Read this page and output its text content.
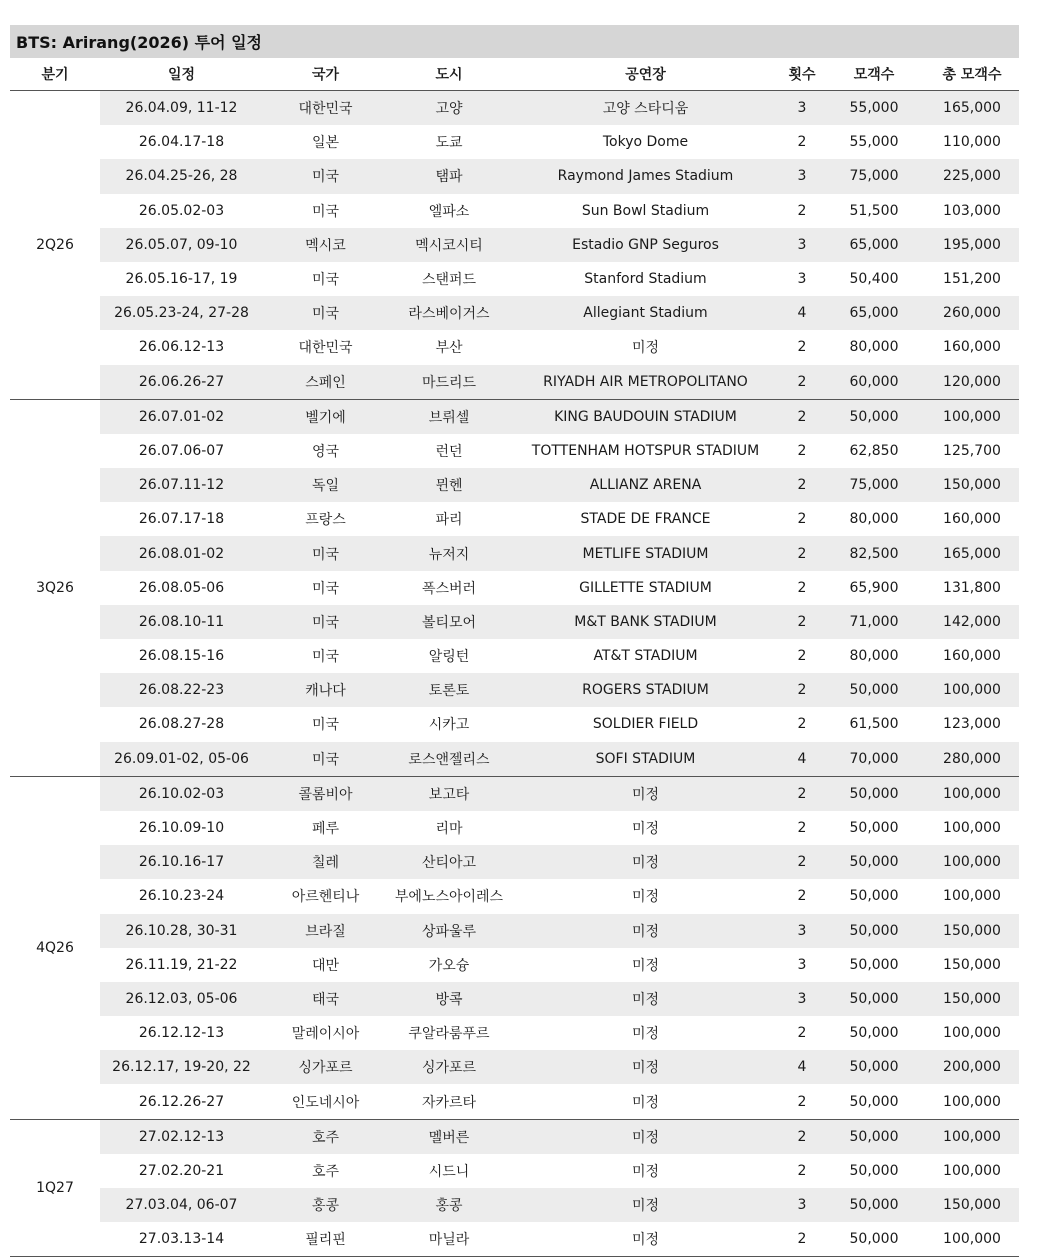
BTS: Arirang(2026) 투어 일정
분기	일정	국가	도시	공연장	횟수	모객수	총 모객수
2Q26	26.04.09, 11-12	대한민국	고양	고양 스타디움	3	55,000	165,000
	26.04.17-18	일본	도쿄	Tokyo Dome	2	55,000	110,000
	26.04.25-26, 28	미국	탬파	Raymond James Stadium	3	75,000	225,000
	26.05.02-03	미국	엘파소	Sun Bowl Stadium	2	51,500	103,000
	26.05.07, 09-10	멕시코	멕시코시티	Estadio GNP Seguros	3	65,000	195,000
	26.05.16-17, 19	미국	스탠퍼드	Stanford Stadium	3	50,400	151,200
	26.05.23-24, 27-28	미국	라스베이거스	Allegiant Stadium	4	65,000	260,000
	26.06.12-13	대한민국	부산	미정	2	80,000	160,000
	26.06.26-27	스페인	마드리드	RIYADH AIR METROPOLITANO	2	60,000	120,000
3Q26	26.07.01-02	벨기에	브뤼셀	KING BAUDOUIN STADIUM	2	50,000	100,000
	26.07.06-07	영국	런던	TOTTENHAM HOTSPUR STADIUM	2	62,850	125,700
	26.07.11-12	독일	뮌헨	ALLIANZ ARENA	2	75,000	150,000
	26.07.17-18	프랑스	파리	STADE DE FRANCE	2	80,000	160,000
	26.08.01-02	미국	뉴저지	METLIFE STADIUM	2	82,500	165,000
	26.08.05-06	미국	폭스버러	GILLETTE STADIUM	2	65,900	131,800
	26.08.10-11	미국	볼티모어	M&T BANK STADIUM	2	71,000	142,000
	26.08.15-16	미국	알링턴	AT&T STADIUM	2	80,000	160,000
	26.08.22-23	캐나다	토론토	ROGERS STADIUM	2	50,000	100,000
	26.08.27-28	미국	시카고	SOLDIER FIELD	2	61,500	123,000
	26.09.01-02, 05-06	미국	로스앤젤리스	SOFI STADIUM	4	70,000	280,000
4Q26	26.10.02-03	콜롬비아	보고타	미정	2	50,000	100,000
	26.10.09-10	페루	리마	미정	2	50,000	100,000
	26.10.16-17	칠레	산티아고	미정	2	50,000	100,000
	26.10.23-24	아르헨티나	부에노스아이레스	미정	2	50,000	100,000
	26.10.28, 30-31	브라질	상파울루	미정	3	50,000	150,000
	26.11.19, 21-22	대만	가오슝	미정	3	50,000	150,000
	26.12.03, 05-06	태국	방콕	미정	3	50,000	150,000
	26.12.12-13	말레이시아	쿠알라룸푸르	미정	2	50,000	100,000
	26.12.17, 19-20, 22	싱가포르	싱가포르	미정	4	50,000	200,000
	26.12.26-27	인도네시아	자카르타	미정	2	50,000	100,000
1Q27	27.02.12-13	호주	멜버른	미정	2	50,000	100,000
	27.02.20-21	호주	시드니	미정	2	50,000	100,000
	27.03.04, 06-07	홍콩	홍콩	미정	3	50,000	150,000
	27.03.13-14	필리핀	마닐라	미정	2	50,000	100,000
